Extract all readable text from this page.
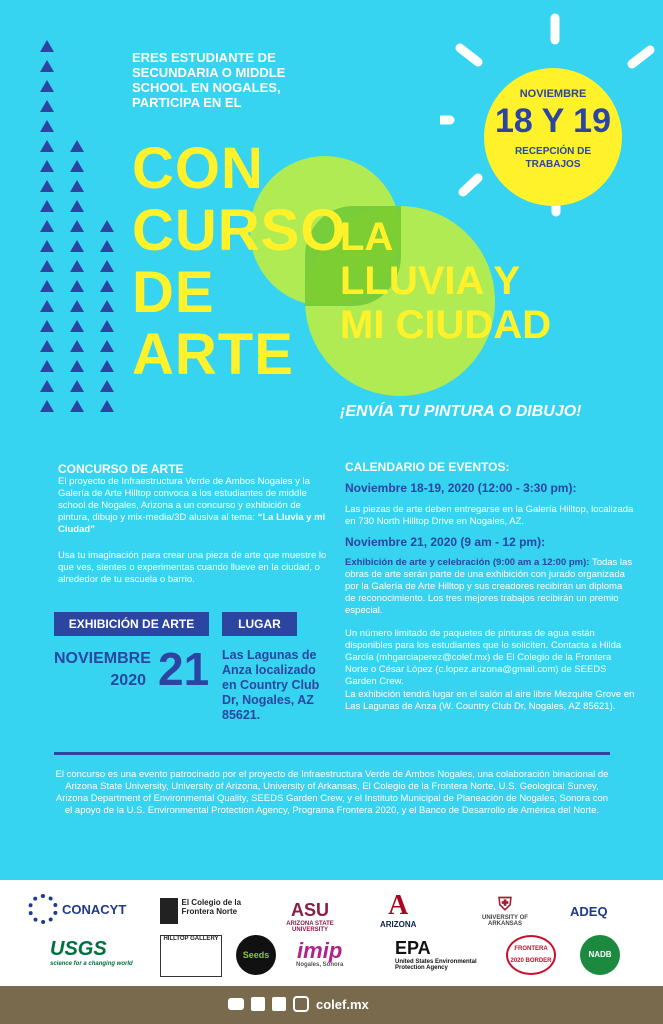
NOVIEMBRE
18 Y 19
RECEPCIÓN DE
TRABAJOS
ERES ESTUDIANTE DE
SECUNDARIA O MIDDLE
SCHOOL EN NOGALES,
PARTICIPA EN EL
CON
CURSO
DE
ARTE
LA
LLUVIA Y
MI CIUDAD
¡ENVÍA TU PINTURA O DIBUJO!
CONCURSO DE ARTE
El proyecto de Infraestructura Verde de Ambos Nogales y la Galería de Arte Hilltop convoca a los estudiantes de middle school de Nogales, Arizona a un concurso y exhibición de pintura, dibujo y mix-media/3D alusiva al tema: “La Lluvia y mi Ciudad”
Usa tu imaginación para crear una pieza de arte que muestre lo que ves, sientes o experimentas cuando llueve en la ciudad, o alrededor de tu escuela o barrio.
EXHIBICIÓN DE ARTE	LUGAR
NOVIEMBRE
2020 21 Las Lagunas de Anza localizado en Country Club Dr, Nogales, AZ 85621.
CALENDARIO DE EVENTOS:
Noviembre 18-19, 2020 (12:00 - 3:30 pm):
Las piezas de arte deben entregarse en la Galería Hilltop, localizada en 730 North Hilltop Drive en Nogales, AZ.
Noviembre 21, 2020 (9 am - 12 pm):
Exhibición de arte y celebración (9:00 am a 12:00 pm): Todas las obras de arte serán parte de una exhibición con jurado organizada por la Galería de Arte Hilltop y sus creadores recibirán un diploma de reconocimiento. Los tres mejores trabajos recibirán un premio especial.
Un número limitado de paquetes de pinturas de agua están disponibles para los estudiantes que lo soliciten. Contacta a Hilda García (mhgarciaperez@colef.mx) de El Colegio de la Frontera Norte o César López (c.lopez.arizona@gmail.com) de SEEDS Garden Crew.
La exhibición tendrá lugar en el salón al aire libre Mezquite Grove en Las Lagunas de Anza (W. Country Club Dr, Nogales, AZ 85621).
El concurso es una evento patrocinado por el proyecto de Infraestructura Verde de Ambos Nogales, una colaboración binacional de Arizona State University, University of Arizona, University of Arkansas, El Colegio de la Frontera Norte, U.S. Geological Survey, Arizona Department of Environmental Quality, SEEDS Garden Crew, y el Instituto Municipal de Planeación de Nogales, Sonora con el apoyo de la U.S. Environmental Protection Agency, Programa Frontera 2020, y el Banco de Desarrollo de América del Norte.
CONACYT	El Colegio de la Frontera Norte	ASU
ARIZONA STATE UNIVERSITY
A
ARIZONA
⛨
UNIVERSITY OF ARKANSAS
ADEQ
USGS
science for a changing world
HILLTOP GALLERY
Seeds	imip
Nogales, Sonora
EPA
United States Environmental Protection Agency
FRONTERA 2020 BORDER
NADB
colef.mx
